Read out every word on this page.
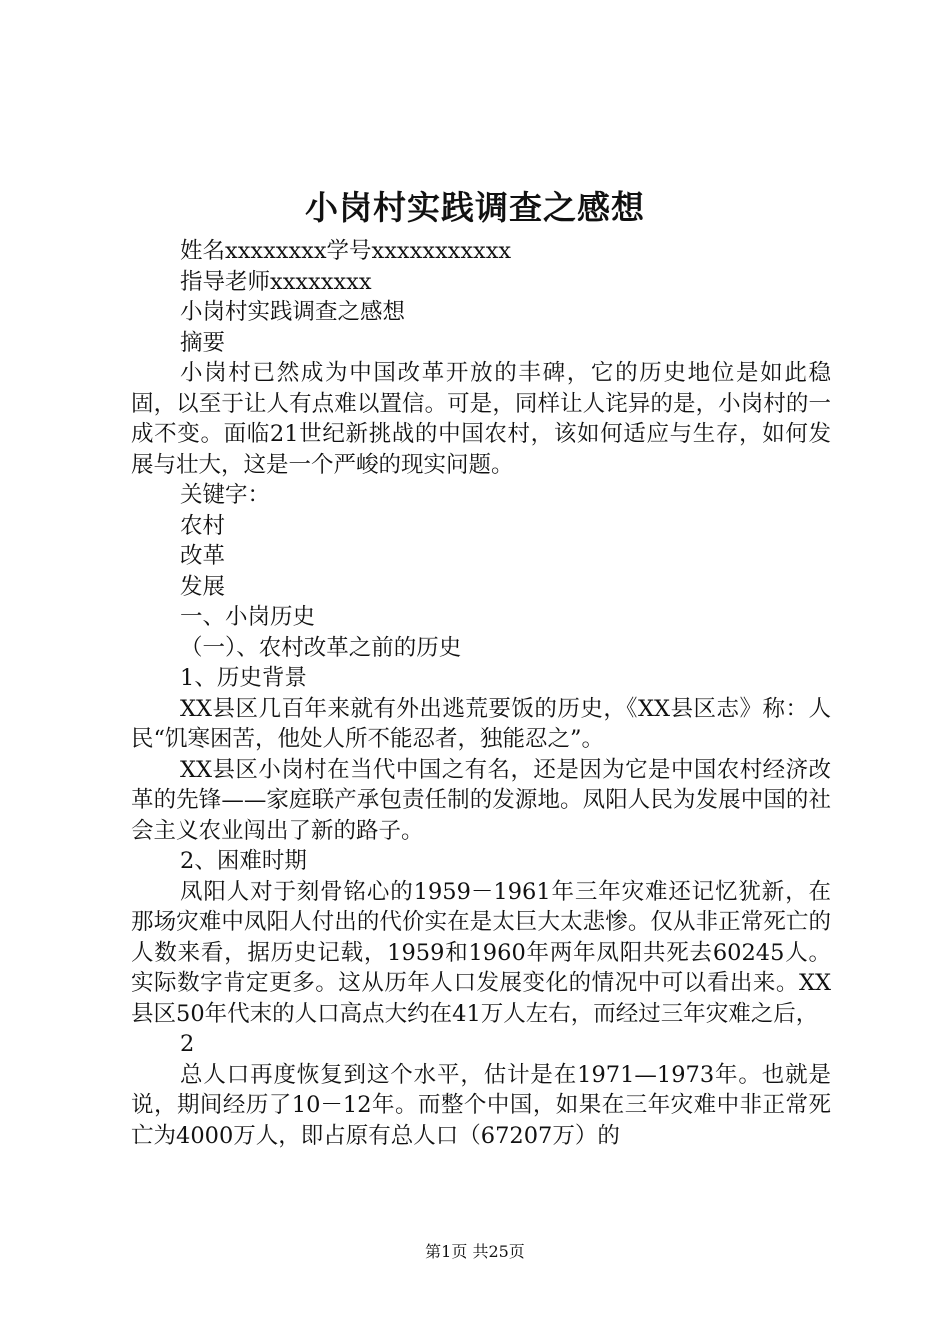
小岗村实践调查之感想

姓名xxxxxxxx学号xxxxxxxxxxx

指导老师xxxxxxxx

小岗村实践调查之感想

摘要

小岗村已然成为中国改革开放的丰碑，它的历史地位是如此稳固，以至于让人有点难以置信。可是，同样让人诧异的是，小岗村的一成不变。面临21世纪新挑战的中国农村，该如何适应与生存，如何发展与壮大，这是一个严峻的现实问题。

关键字：

农村

改革

发展

一、小岗历史

（一）、农村改革之前的历史

1、历史背景

XX县区几百年来就有外出逃荒要饭的历史，《XX县区志》称：人民“饥寒困苦，他处人所不能忍者，独能忍之”。

XX县区小岗村在当代中国之有名，还是因为它是中国农村经济改革的先锋——家庭联产承包责任制的发源地。凤阳人民为发展中国的社会主义农业闯出了新的路子。

2、困难时期

凤阳人对于刻骨铭心的1959－1961年三年灾难还记忆犹新，在那场灾难中凤阳人付出的代价实在是太巨大太悲惨。仅从非正常死亡的人数来看，据历史记载，1959和1960年两年凤阳共死去60245人。实际数字肯定更多。这从历年人口发展变化的情况中可以看出来。XX县区50年代末的人口高点大约在41万人左右，而经过三年灾难之后，

2

总人口再度恢复到这个水平，估计是在1971—1973年。也就是说，期间经历了10－12年。而整个中国，如果在三年灾难中非正常死亡为4000万人，即占原有总人口（67207万）的

第1页 共25页
